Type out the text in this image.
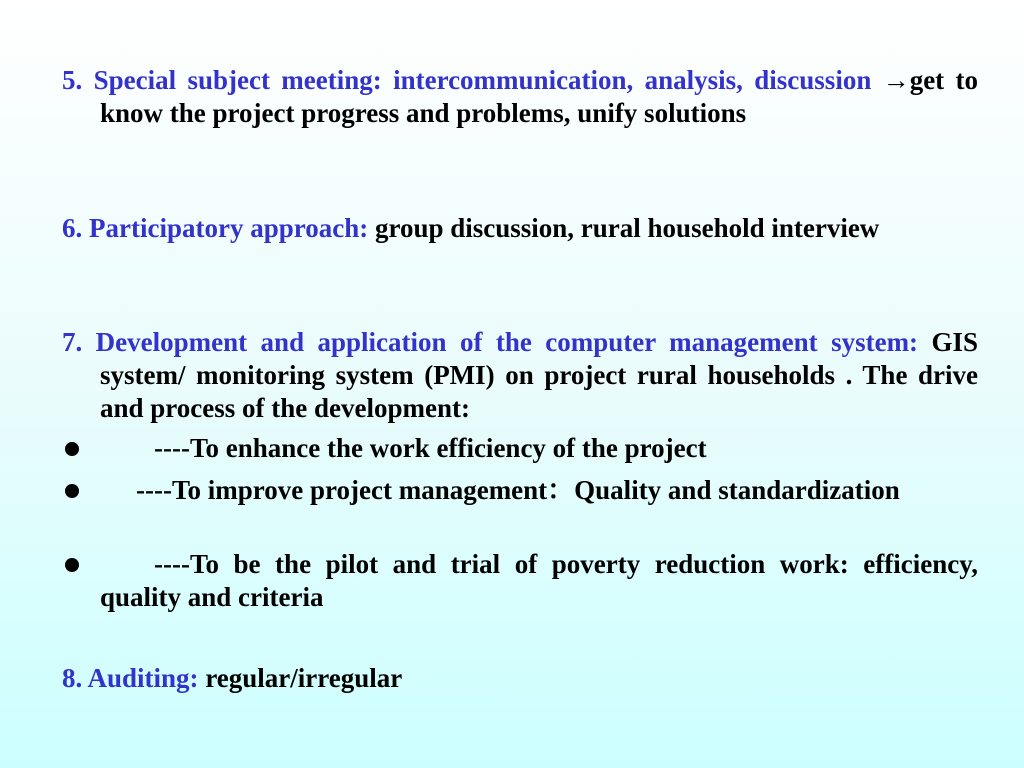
5. Special subject meeting: intercommunication, analysis, discussion →get to know the project progress and problems, unify solutions
6. Participatory approach: group discussion, rural household interview
7. Development and application of the computer management system: GIS system/ monitoring system (PMI) on project rural households . The drive and process of the development:
----To enhance the work efficiency of the project
----To improve project management：Quality and standardization
----To be the pilot and trial of poverty reduction work: efficiency, quality and criteria
8. Auditing: regular/irregular
